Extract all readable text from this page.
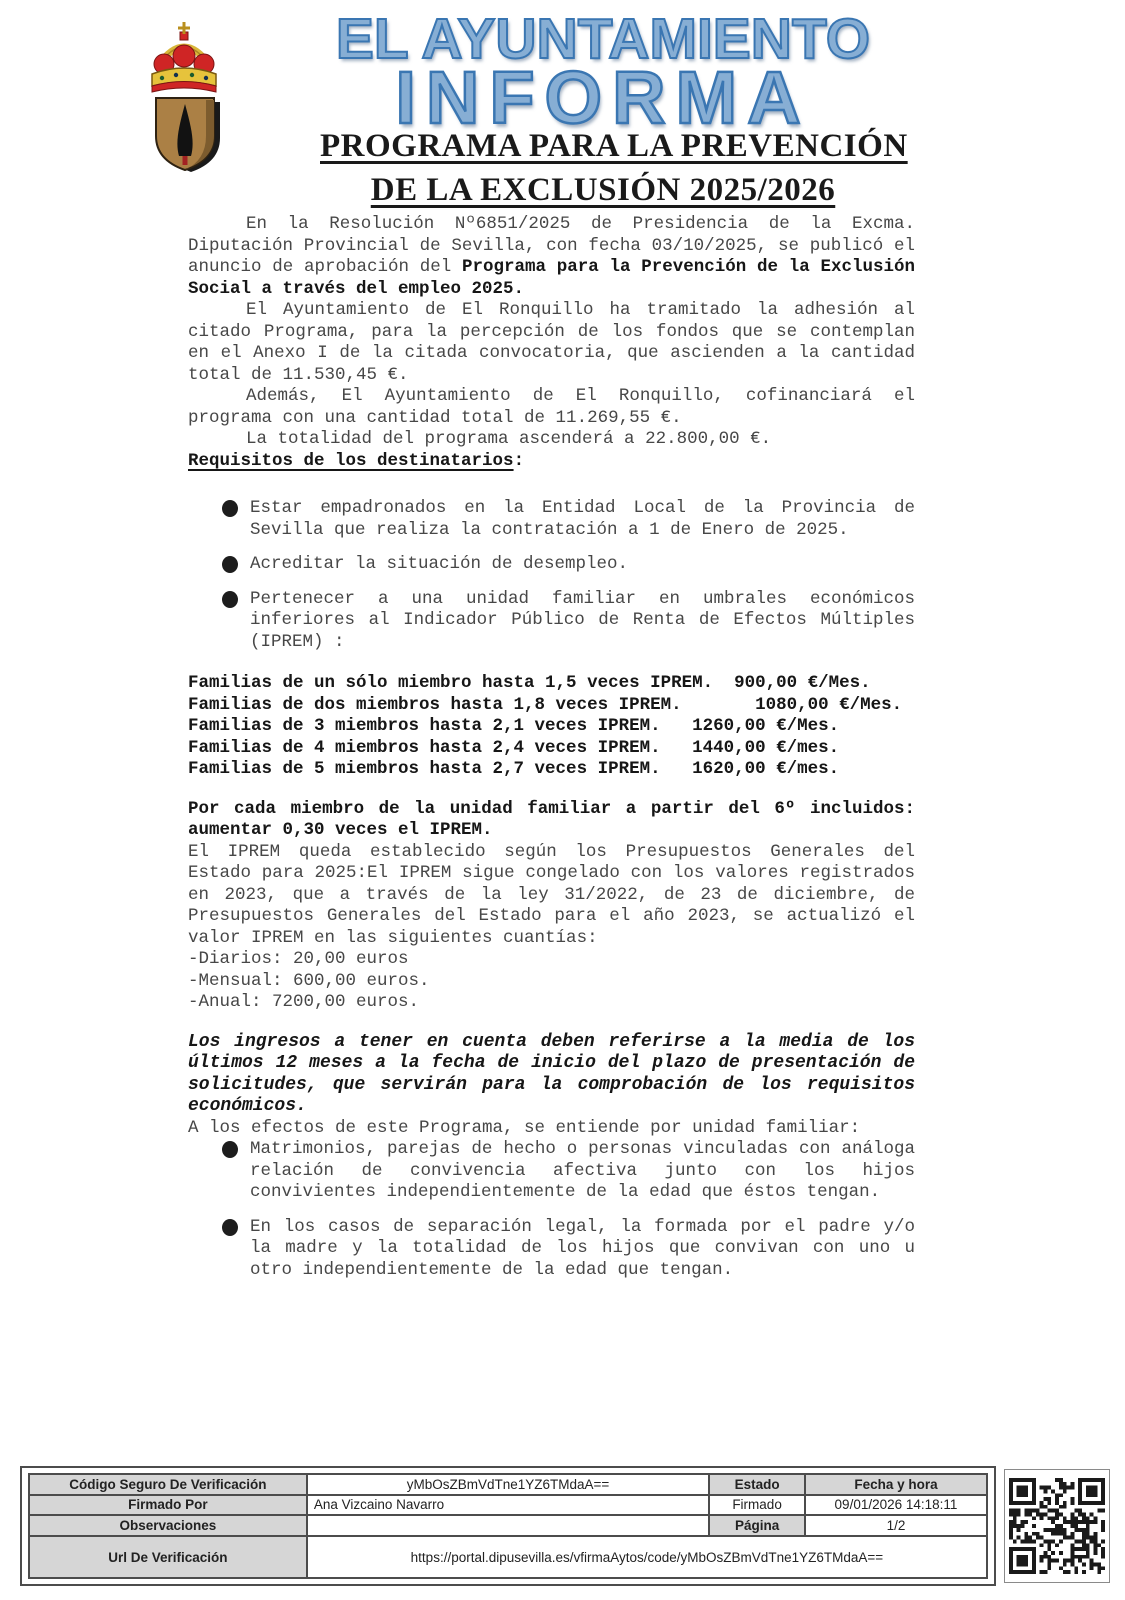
EL AYUNTAMIENTO
INFORMA
PROGRAMA PARA LA PREVENCIÓN
DE LA EXCLUSIÓN 2025/2026

En la Resolución Nº6851/2025 de Presidencia de la Excma. Diputación Provincial de Sevilla, con fecha 03/10/2025, se publicó el anuncio de aprobación del Programa para la Prevención de la Exclusión Social a través del empleo 2025.

El Ayuntamiento de El Ronquillo ha tramitado la adhesión al citado Programa, para la percepción de los fondos que se contemplan en el Anexo I de la citada convocatoria, que ascienden a la cantidad total de 11.530,45 €.

Además, El Ayuntamiento de El Ronquillo, cofinanciará el programa con una cantidad total de 11.269,55 €.

La totalidad del programa ascenderá a 22.800,00 €.

Requisitos de los destinatarios:
Estar empadronados en la Entidad Local de la Provincia de Sevilla que realiza la contratación a 1 de Enero de 2025.
Acreditar la situación de desempleo.
Pertenecer a una unidad familiar en umbrales económicos inferiores al Indicador Público de Renta de Efectos Múltiples (IPREM) :
Familias de un sólo miembro hasta 1,5 veces IPREM.  900,00 €/Mes.
Familias de dos miembros hasta 1,8 veces IPREM.       1080,00 €/Mes.
Familias de 3 miembros hasta 2,1 veces IPREM.   1260,00 €/Mes.
Familias de 4 miembros hasta 2,4 veces IPREM.   1440,00 €/mes.
Familias de 5 miembros hasta 2,7 veces IPREM.   1620,00 €/mes.

Por cada miembro de la unidad familiar a partir del 6º incluidos: aumentar 0,30 veces el IPREM.

El IPREM queda establecido según los Presupuestos Generales del Estado para 2025:El IPREM sigue congelado con los valores registrados en 2023, que a través de la ley 31/2022, de 23 de diciembre, de Presupuestos Generales del Estado para el año 2023, se actualizó el valor IPREM en las siguientes cuantías:

-Diarios: 20,00 euros
-Mensual: 600,00 euros.
-Anual: 7200,00 euros.

Los ingresos a tener en cuenta deben referirse a la media de los últimos 12 meses a la fecha de inicio del plazo de presentación de solicitudes, que servirán para la comprobación de los requisitos económicos.

A los efectos de este Programa, se entiende por unidad familiar:

Matrimonios, parejas de hecho o personas vinculadas con análoga relación de convivencia afectiva junto con los hijos convivientes independientemente de la edad que éstos tengan.
En los casos de separación legal, la formada por el padre y/o la madre y la totalidad de los hijos que convivan con uno u otro independientemente de la edad que tengan.
Código Seguro De Verificación	yMbOsZBmVdTne1YZ6TMdaA==	Estado	Fecha y hora
Firmado Por	Ana Vizcaino Navarro	Firmado	09/01/2026 14:18:11
Observaciones		Página	1/2
Url De Verificación	https://portal.dipusevilla.es/vfirmaAytos/code/yMbOsZBmVdTne1YZ6TMdaA==		
